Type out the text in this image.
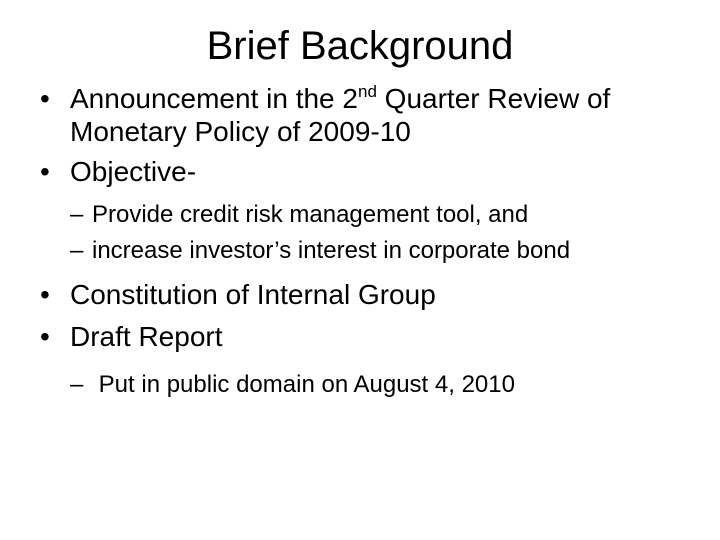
Brief Background
• Announcement in the 2nd Quarter Review of Monetary Policy of 2009-10
• Objective-
– Provide credit risk management tool, and
– increase investor’s interest in corporate bond
• Constitution of Internal Group
• Draft Report
– Put in public domain on August 4, 2010
